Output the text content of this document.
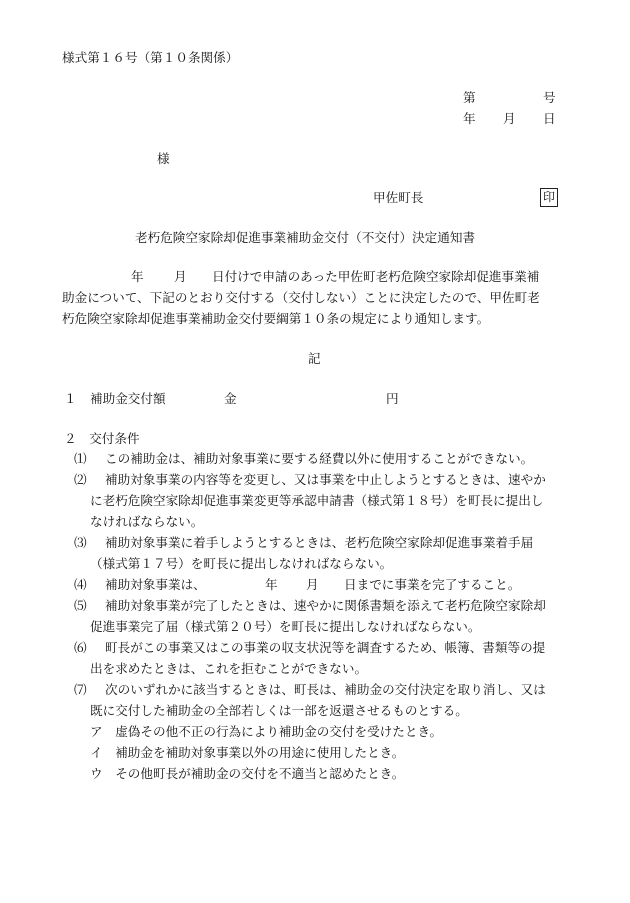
様式第１６号（第１０条関係）
第	号
年 月 日
様
甲佐町長	印
老朽危険空家除却促進事業補助金交付（不交付）決定通知書
年 月 日付けで申請のあった甲佐町老朽危険空家除却促進事業補
助金について、下記のとおり交付する（交付しない）ことに決定したので、甲佐町老
朽危険空家除却促進事業補助金交付要綱第１０条の規定により通知します。
記
１ 補助金交付額	金	円
２　交付条件
⑴ この補助金は、補助対象事業に要する経費以外に使用することができない。
⑵ 補助対象事業の内容等を変更し、又は事業を中止しようとするときは、速やか
に老朽危険空家除却促進事業変更等承認申請書（様式第１８号）を町長に提出し
なければならない。
⑶ 補助対象事業に着手しようとするときは、老朽危険空家除却促進事業着手届
（様式第１７号）を町長に提出しなければならない。
⑷ 補助対象事業は、	年 月 日までに事業を完了すること。
⑸ 補助対象事業が完了したときは、速やかに関係書類を添えて老朽危険空家除却
促進事業完了届（様式第２０号）を町長に提出しなければならない。
⑹ 町長がこの事業又はこの事業の収支状況等を調査するため、帳簿、書類等の提
出を求めたときは、これを拒むことができない。
⑺ 次のいずれかに該当するときは、町長は、補助金の交付決定を取り消し、又は
既に交付した補助金の全部若しくは一部を返還させるものとする。
ア　虚偽その他不正の行為により補助金の交付を受けたとき。
イ　補助金を補助対象事業以外の用途に使用したとき。
ウ　その他町長が補助金の交付を不適当と認めたとき。
